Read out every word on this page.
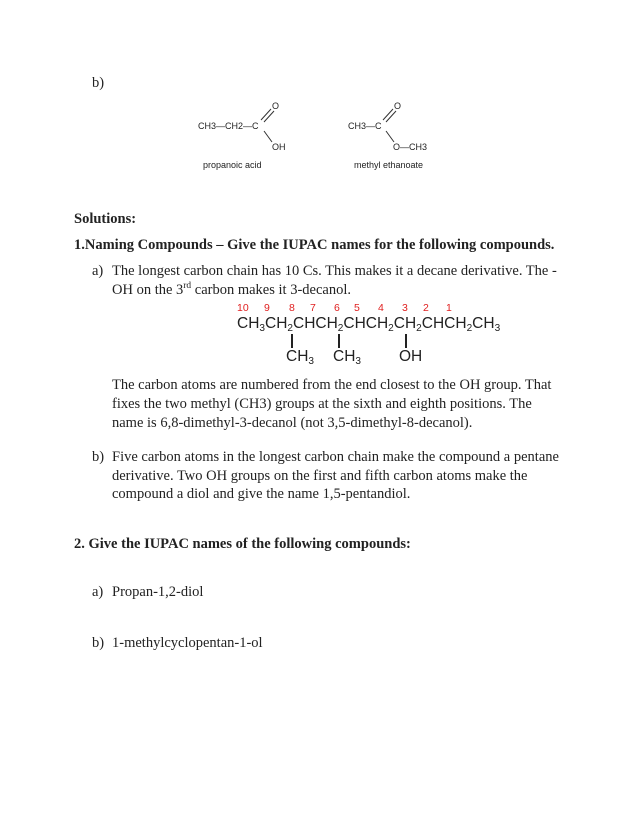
b)
CH3—CH2—C
O
OH
CH3—C
O
O—CH3
propanoic acid	methyl ethanoate
Solutions:
1.Naming Compounds – Give the IUPAC names for the following compounds.
a) The longest carbon chain has 10 Cs. This makes it a decane derivative. The -
OH on the 3rd carbon makes it 3-decanol.
10 9 8 7 6 5 4 3 2 1
$CH_3CH_2CHCH_2CHCH_2CH_2CHCH_2CH_3$
$CH_3$ $CH_3$ OH
The carbon atoms are numbered from the end closest to the OH group. That
fixes the two methyl (CH3) groups at the sixth and eighth positions. The
name is 6,8-dimethyl-3-decanol (not 3,5-dimethyl-8-decanol).
b) Five carbon atoms in the longest carbon chain make the compound a pentane
derivative. Two OH groups on the first and fifth carbon atoms make the
compound a diol and give the name 1,5-pentandiol.
2. Give the IUPAC names of the following compounds:
a) Propan-1,2-diol
b) 1-methylcyclopentan-1-ol
